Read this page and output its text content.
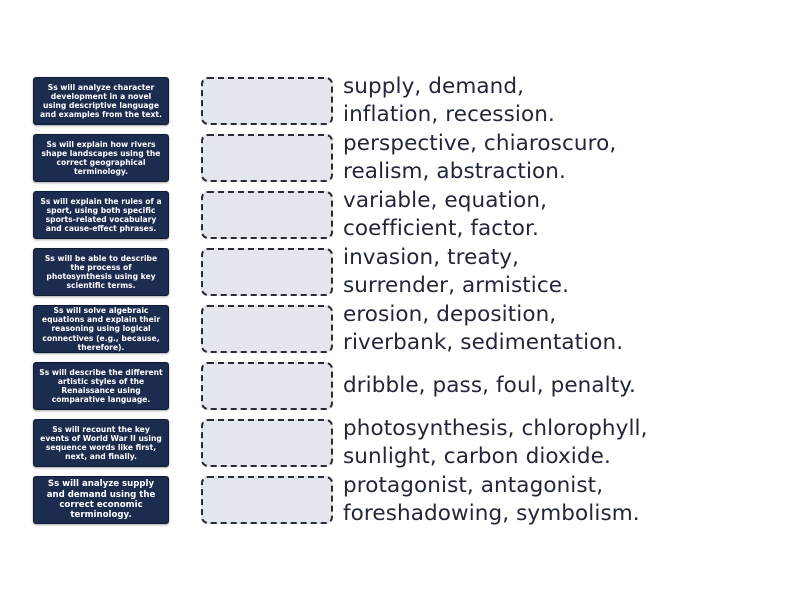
Ss will analyze character development in a novel using descriptive language and examples from the text.
supply, demand,
inflation, recession.
Ss will explain how rivers shape landscapes using the correct geographical terminology.
perspective, chiaroscuro,
realism, abstraction.
Ss will explain the rules of a sport, using both specific sports-related vocabulary and cause-effect phrases.
variable, equation,
coefficient, factor.
Ss will be able to describe the process of photosynthesis using key scientific terms.
invasion, treaty,
surrender, armistice.
Ss will solve algebraic equations and explain their reasoning using logical connectives (e.g., because, therefore).
erosion, deposition,
riverbank, sedimentation.
Ss will describe the different artistic styles of the Renaissance using comparative language.
dribble, pass, foul, penalty.
Ss will recount the key events of World War II using sequence words like first, next, and finally.
photosynthesis, chlorophyll,
sunlight, carbon dioxide.
Ss will analyze supply and demand using the correct economic terminology.
protagonist, antagonist,
foreshadowing, symbolism.
